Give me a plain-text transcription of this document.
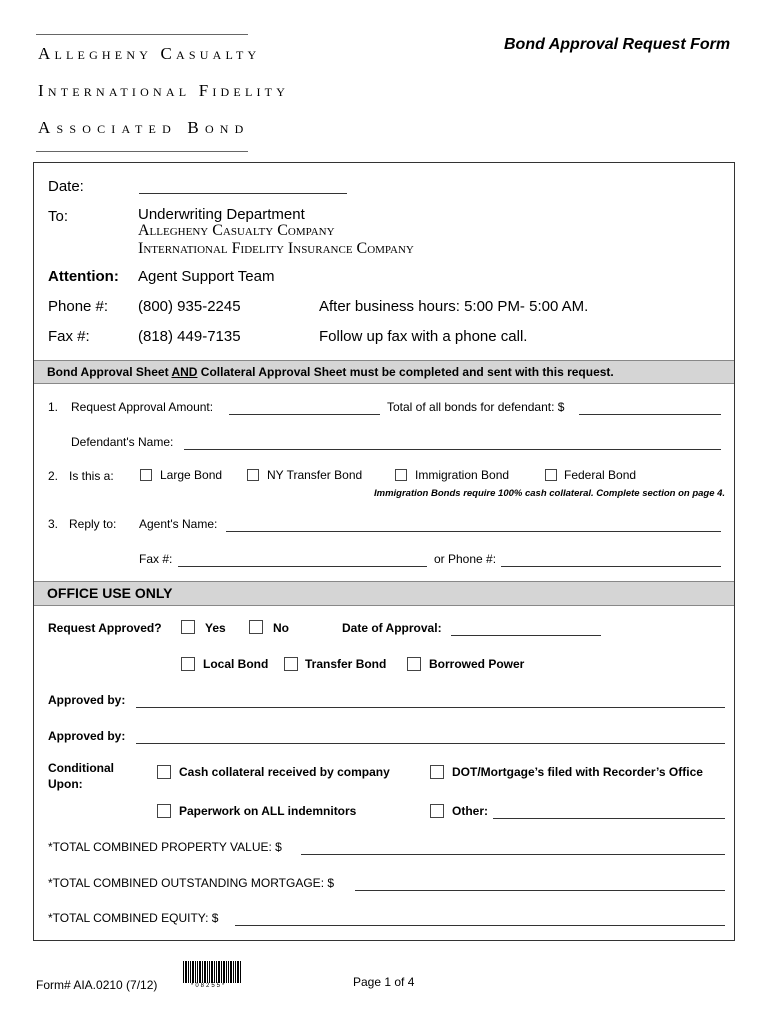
Allegheny Casualty
International Fidelity
Associated Bond
Bond Approval Request Form
Date:
To:	Underwriting Department
Allegheny Casualty Company
International Fidelity Insurance Company
Attention: Agent Support Team
Phone #: (800) 935-2245	After business hours: 5:00 PM- 5:00 AM.
Fax #:	(818) 449-7135	Follow up fax with a phone call.
Bond Approval Sheet AND Collateral Approval Sheet must be completed and sent with this request.
1. Request Approval Amount:	Total of all bonds for defendant: $
Defendant's Name:
2. Is this a:	Large Bond	NY Transfer Bond	Immigration Bond	Federal Bond
Immigration Bonds require 100% cash collateral. Complete section on page 4.
3. Reply to: Agent's Name:
Fax #:	or Phone #:
OFFICE USE ONLY
Request Approved?	Yes	No	Date of Approval:
Local Bond	Transfer Bond	Borrowed Power
Approved by:
Approved by:
Conditional
Upon:
Cash collateral received by company	DOT/Mortgage’s filed with Recorder’s Office
Paperwork on ALL indemnitors	Other:
*TOTAL COMBINED PROPERTY VALUE: $
*TOTAL COMBINED OUTSTANDING MORTGAGE: $
*TOTAL COMBINED EQUITY: $
Form# AIA.0210 (7/12)	*08255*	Page 1 of 4
